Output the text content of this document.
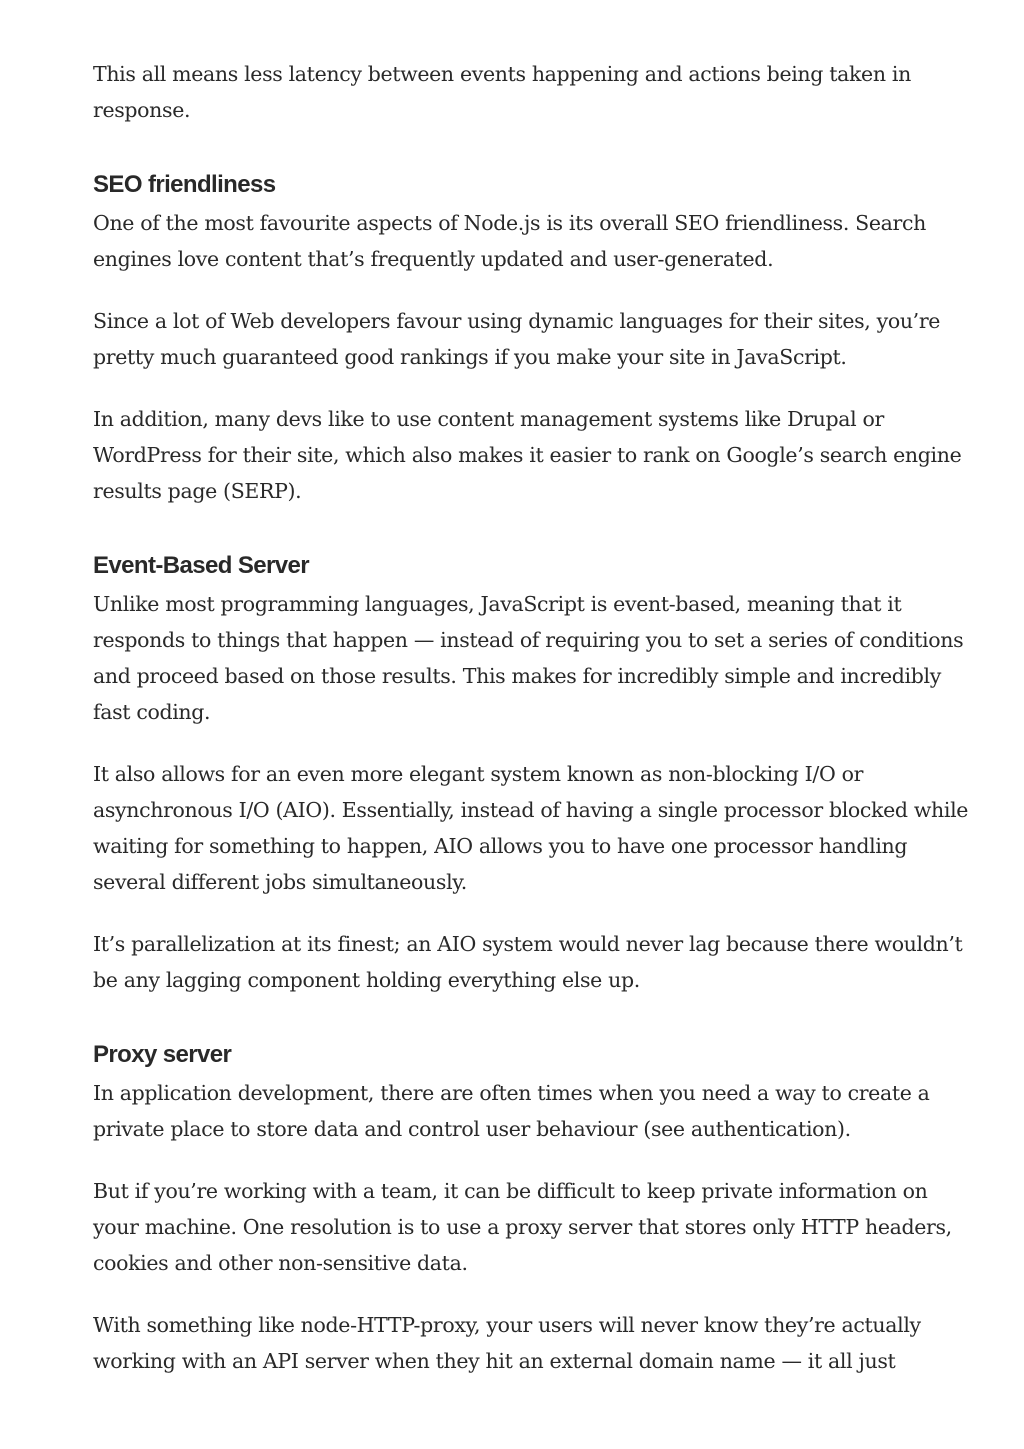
This all means less latency between events happening and actions being taken in response.

SEO friendliness

One of the most favourite aspects of Node.js is its overall SEO friendliness. Search engines love content that’s frequently updated and user-generated.

Since a lot of Web developers favour using dynamic languages for their sites, you’re pretty much guaranteed good rankings if you make your site in JavaScript.

In addition, many devs like to use content management systems like Drupal or WordPress for their site, which also makes it easier to rank on Google’s search engine results page (SERP).

Event-Based Server

Unlike most programming languages, JavaScript is event-based, meaning that it responds to things that happen — instead of requiring you to set a series of conditions and proceed based on those results. This makes for incredibly simple and incredibly fast coding.

It also allows for an even more elegant system known as non-blocking I/O or asynchronous I/O (AIO). Essentially, instead of having a single processor blocked while waiting for something to happen, AIO allows you to have one processor handling several different jobs simultaneously.

It’s parallelization at its finest; an AIO system would never lag because there wouldn’t be any lagging component holding everything else up.

Proxy server

In application development, there are often times when you need a way to create a private place to store data and control user behaviour (see authentication).

But if you’re working with a team, it can be difficult to keep private information on your machine. One resolution is to use a proxy server that stores only HTTP headers, cookies and other non-sensitive data.

With something like node-HTTP-proxy, your users will never know they’re actually working with an API server when they hit an external domain name — it all just
